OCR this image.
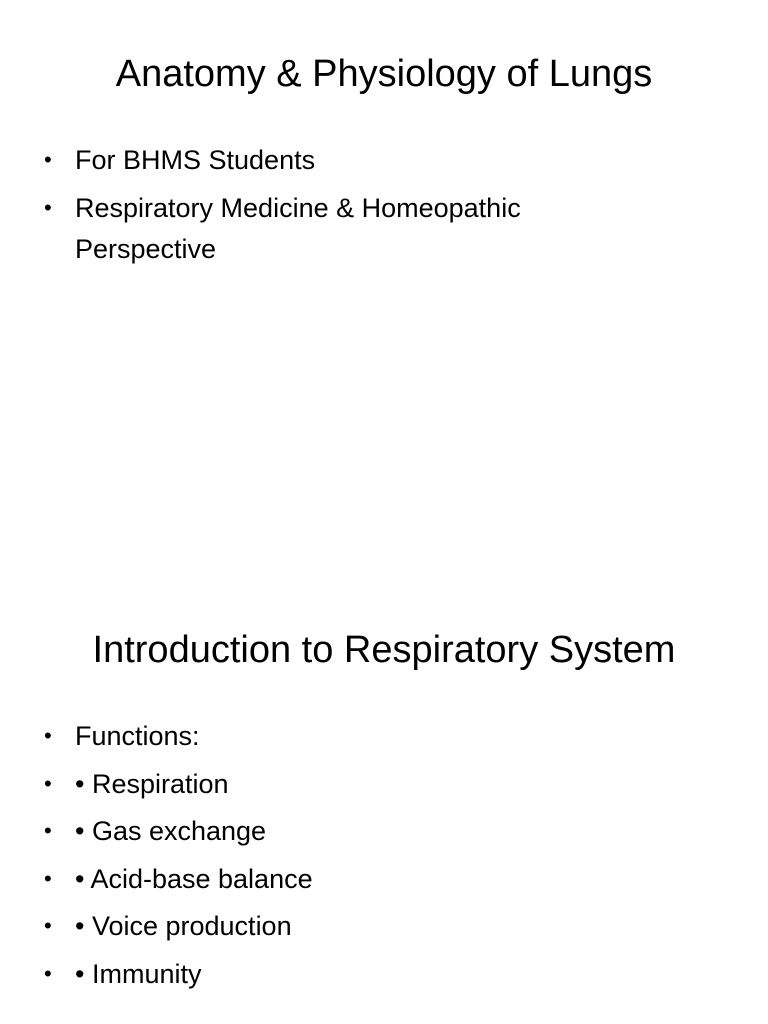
Anatomy & Physiology of Lungs
• For BHMS Students
• Respiratory Medicine & Homeopathic Perspective
Introduction to Respiratory System
• Functions:
• • Respiration
• • Gas exchange
• • Acid-base balance
• • Voice production
• • Immunity
